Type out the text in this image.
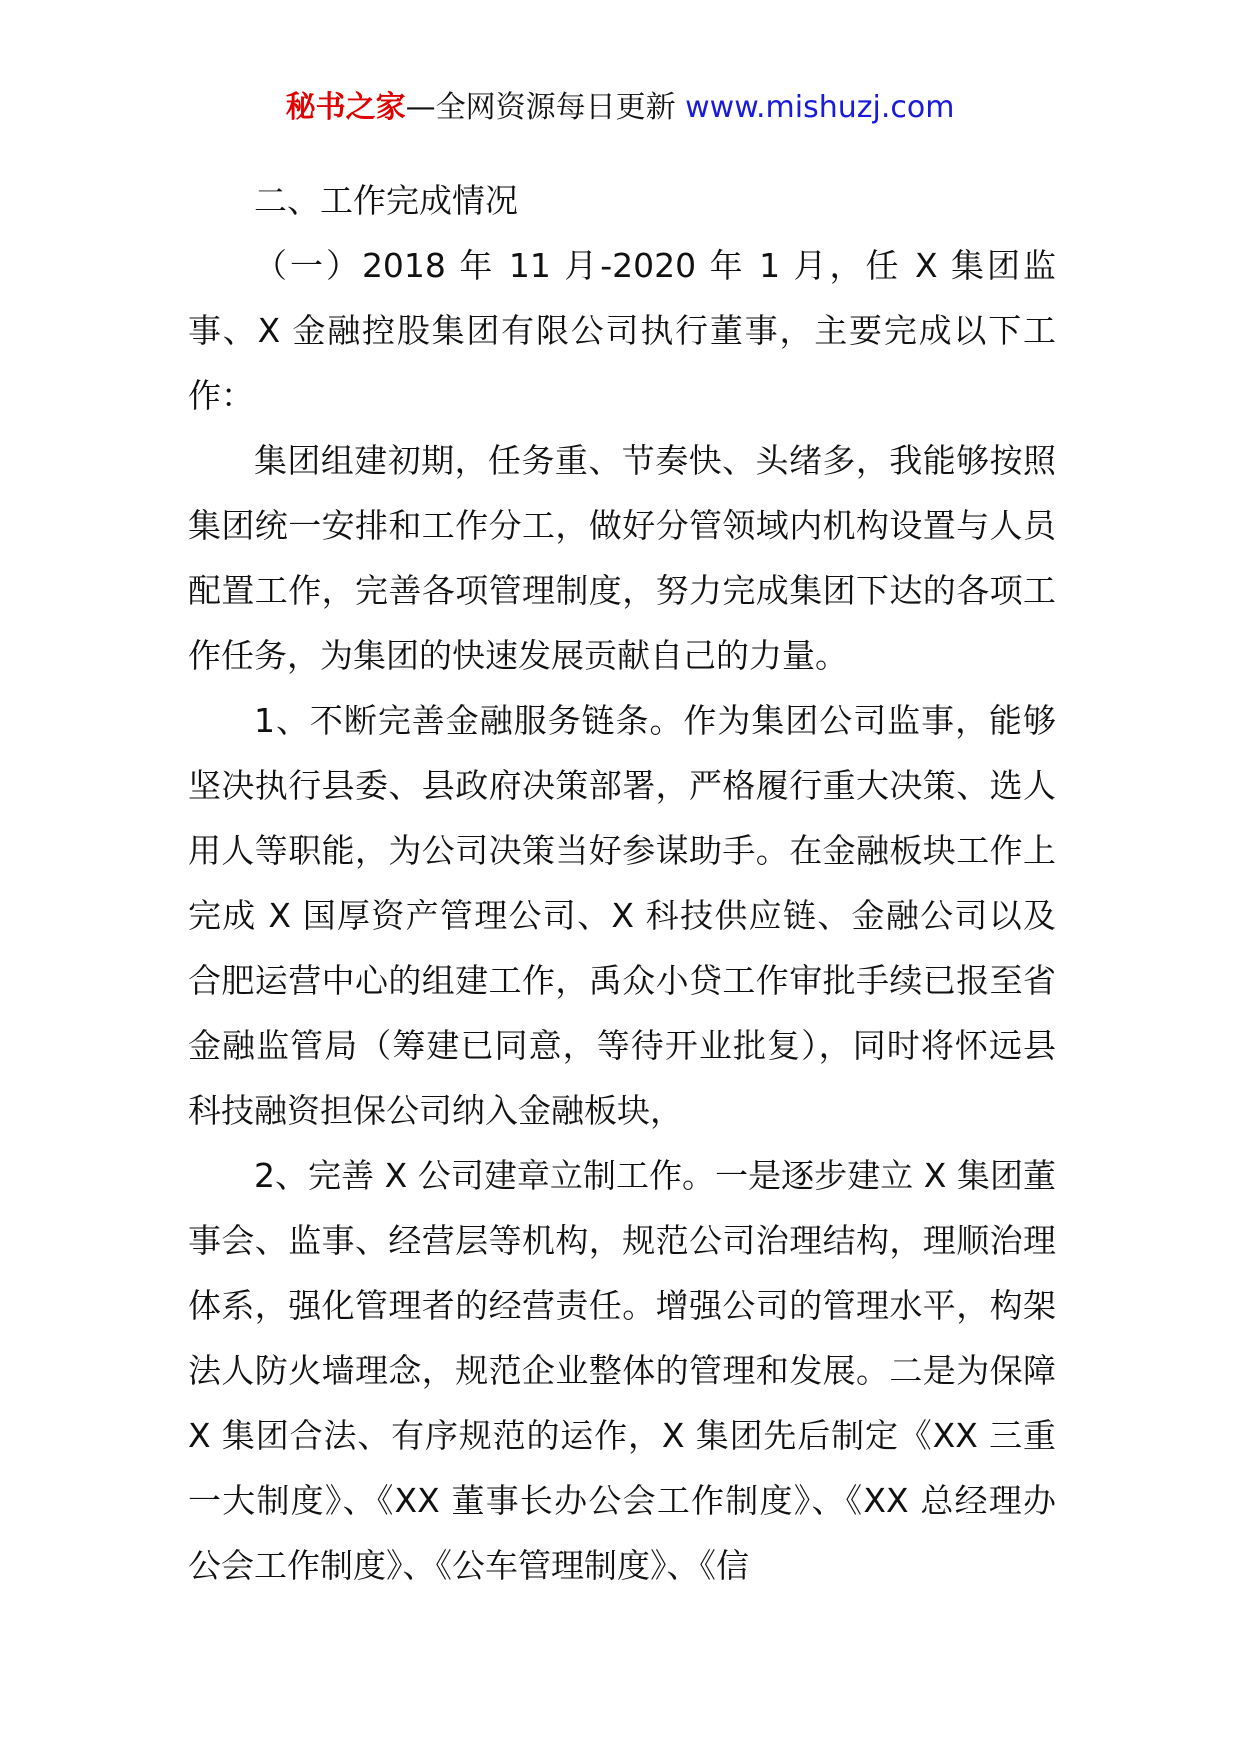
秘书之家—全网资源每日更新 www.mishuzj.com

二、工作完成情况

（一）2018 年 11 月-2020 年 1 月，任 X 集团监事、X 金融控股集团有限公司执行董事，主要完成以下工作：

集团组建初期，任务重、节奏快、头绪多，我能够按照集团统一安排和工作分工，做好分管领域内机构设置与人员配置工作，完善各项管理制度，努力完成集团下达的各项工作任务，为集团的快速发展贡献自己的力量。

1、不断完善金融服务链条。作为集团公司监事，能够坚决执行县委、县政府决策部署，严格履行重大决策、选人用人等职能，为公司决策当好参谋助手。在金融板块工作上完成 X 国厚资产管理公司、X 科技供应链、金融公司以及合肥运营中心的组建工作，禹众小贷工作审批手续已报至省金融监管局（筹建已同意，等待开业批复），同时将怀远县科技融资担保公司纳入金融板块，

2、完善 X 公司建章立制工作。一是逐步建立 X 集团董事会、监事、经营层等机构，规范公司治理结构，理顺治理体系，强化管理者的经营责任。增强公司的管理水平，构架法人防火墙理念，规范企业整体的管理和发展。二是为保障 X 集团合法、有序规范的运作，X 集团先后制定《XX 三重一大制度》、《XX 董事长办公会工作制度》、《XX 总经理办公会工作制度》、《公车管理制度》、《信
